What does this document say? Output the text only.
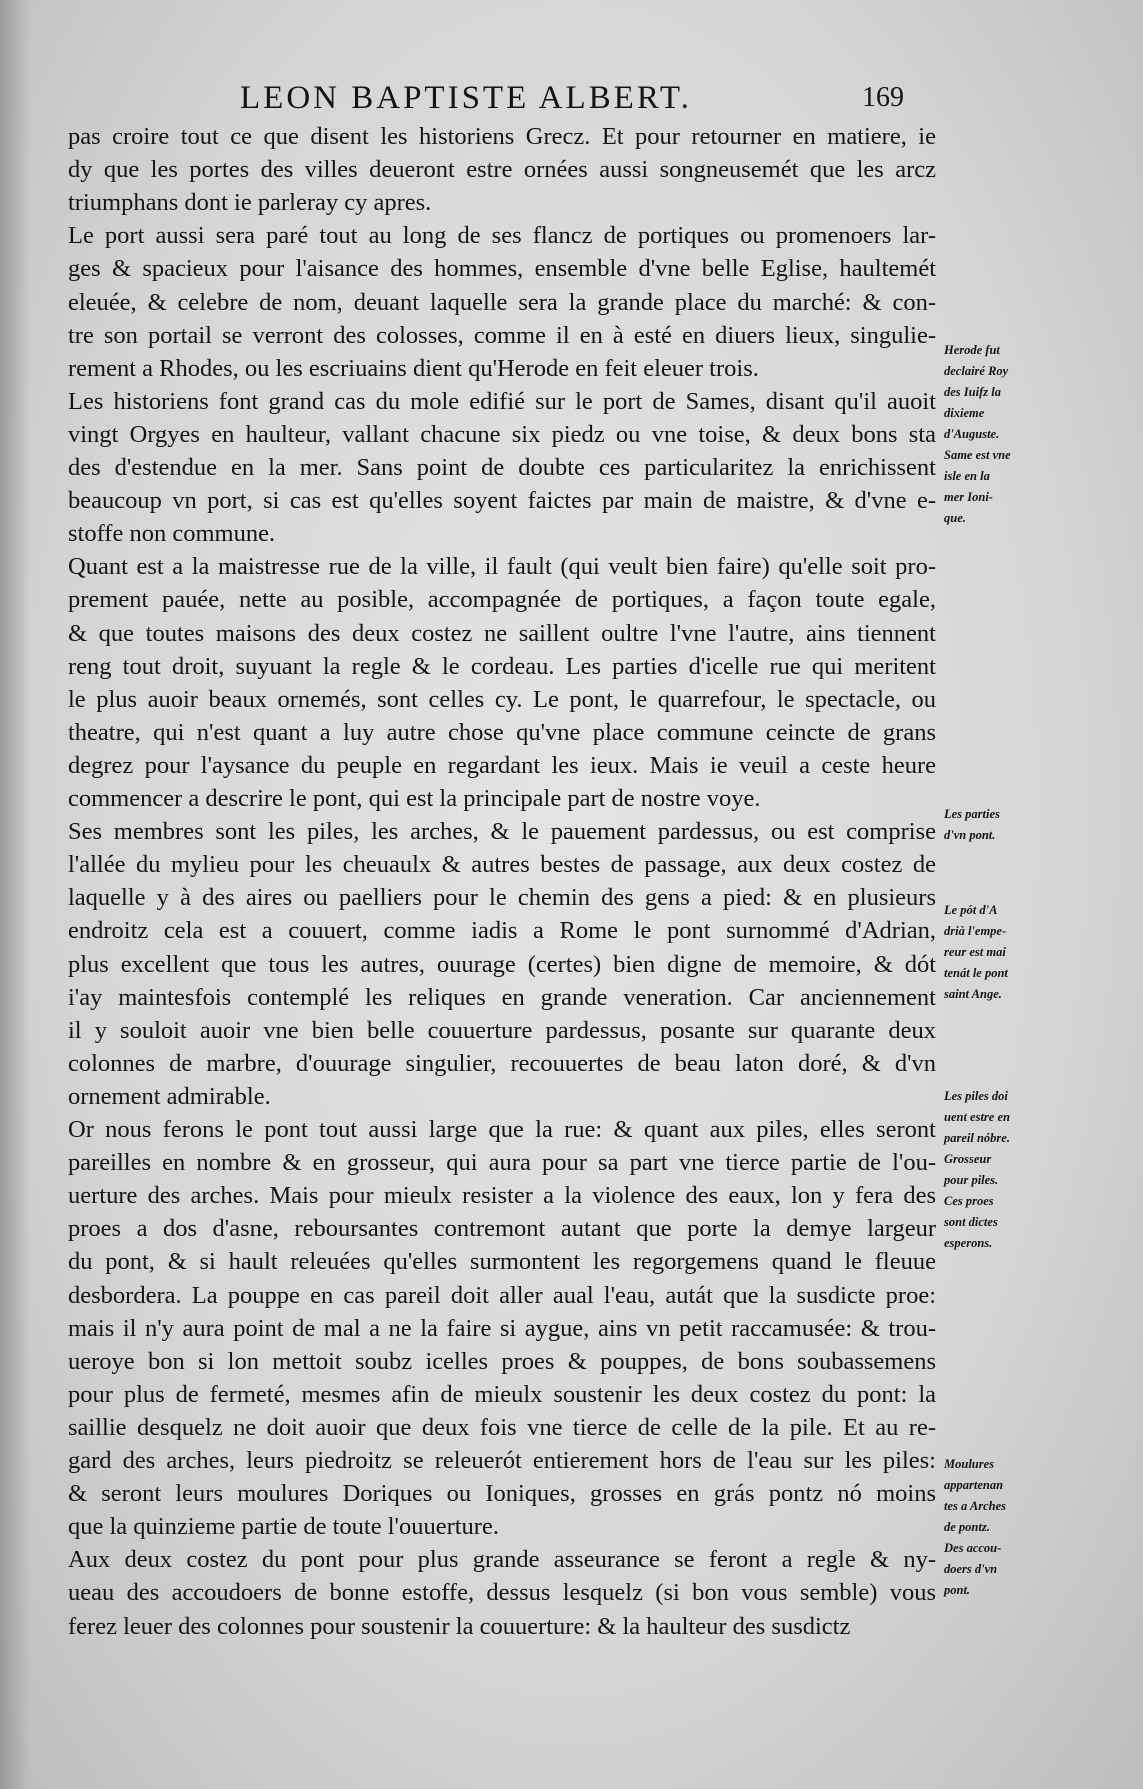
LEON BAPTISTE ALBERT.	169
pas croire tout ce que disent les historiens Grecz. Et pour retourner en matiere, ie
dy que les portes des villes deueront estre ornées aussi songneusemét que les arcz
triumphans dont ie parleray cy apres.
Le port aussi sera paré tout au long de ses flancz de portiques ou promenoers lar-
ges & spacieux pour l'aisance des hommes, ensemble d'vne belle Eglise, haultemét
eleuée, & celebre de nom, deuant laquelle sera la grande place du marché: & con-
tre son portail se verront des colosses, comme il en à esté en diuers lieux, singulie-
rement a Rhodes, ou les escriuains dient qu'Herode en feit eleuer trois.
Les historiens font grand cas du mole edifié sur le port de Sames, disant qu'il auoit
vingt Orgyes en haulteur, vallant chacune six piedz ou vne toise, & deux bons sta
des d'estendue en la mer. Sans point de doubte ces particularitez la enrichissent
beaucoup vn port, si cas est qu'elles soyent faictes par main de maistre, & d'vne e-
stoffe non commune.
Quant est a la maistresse rue de la ville, il fault (qui veult bien faire) qu'elle soit pro-
prement pauée, nette au posible, accompagnée de portiques, a façon toute egale,
& que toutes maisons des deux costez ne saillent oultre l'vne l'autre, ains tiennent
reng tout droit, suyuant la regle & le cordeau. Les parties d'icelle rue qui meritent
le plus auoir beaux ornemés, sont celles cy. Le pont, le quarrefour, le spectacle, ou
theatre, qui n'est quant a luy autre chose qu'vne place commune ceincte de grans
degrez pour l'aysance du peuple en regardant les ieux. Mais ie veuil a ceste heure
commencer a descrire le pont, qui est la principale part de nostre voye.
Ses membres sont les piles, les arches, & le pauement pardessus, ou est comprise
l'allée du mylieu pour les cheuaulx & autres bestes de passage, aux deux costez de
laquelle y à des aires ou paelliers pour le chemin des gens a pied: & en plusieurs
endroitz cela est a couuert, comme iadis a Rome le pont surnommé d'Adrian,
plus excellent que tous les autres, ouurage (certes) bien digne de memoire, & dót
i'ay maintesfois contemplé les reliques en grande veneration. Car anciennement
il y souloit auoir vne bien belle couuerture pardessus, posante sur quarante deux
colonnes de marbre, d'ouurage singulier, recouuertes de beau laton doré, & d'vn
ornement admirable.
Or nous ferons le pont tout aussi large que la rue: & quant aux piles, elles seront
pareilles en nombre & en grosseur, qui aura pour sa part vne tierce partie de l'ou-
uerture des arches. Mais pour mieulx resister a la violence des eaux, lon y fera des
proes a dos d'asne, reboursantes contremont autant que porte la demye largeur
du pont, & si hault releuées qu'elles surmontent les regorgemens quand le fleuue
desbordera. La pouppe en cas pareil doit aller aual l'eau, autát que la susdicte proe:
mais il n'y aura point de mal a ne la faire si aygue, ains vn petit raccamusée: & trou-
ueroye bon si lon mettoit soubz icelles proes & pouppes, de bons soubassemens
pour plus de fermeté, mesmes afin de mieulx soustenir les deux costez du pont: la
saillie desquelz ne doit auoir que deux fois vne tierce de celle de la pile. Et au re-
gard des arches, leurs piedroitz se releuerót entierement hors de l'eau sur les piles:
& seront leurs moulures Doriques ou Ioniques, grosses en grás pontz nó moins
que la quinzieme partie de toute l'ouuerture.
Aux deux costez du pont pour plus grande asseurance se feront a regle & ny-
ueau des accoudoers de bonne estoffe, dessus lesquelz (si bon vous semble) vous
ferez leuer des colonnes pour soustenir la couuerture: & la haulteur des susdictz
Herode fut
declairé Roy
des Iuifz la
dixieme
d'Auguste.
Same est vne
isle en la
mer Ioni-
que.
Les parties
d'vn pont.
Le pót d'A
drià l'empe-
reur est mai
tenát le pont
saint Ange.
Les piles doi
uent estre en
pareil nóbre.
Grosseur
pour piles.
Ces proes
sont dictes
esperons.
Moulures
appartenan
tes a Arches
de pontz.
Des accou-
doers d'vn
pont.
